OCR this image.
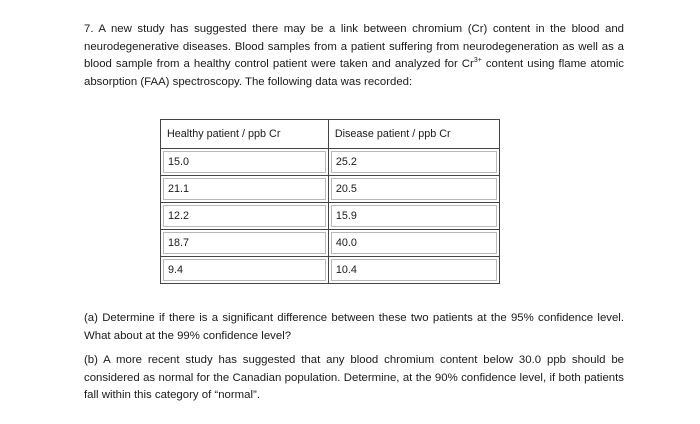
7. A new study has suggested there may be a link between chromium (Cr) content in the blood and neurodegenerative diseases. Blood samples from a patient suffering from neurodegeneration as well as a blood sample from a healthy control patient were taken and analyzed for $Cr^{3+}$ content using flame atomic absorption (FAA) spectroscopy. The following data was recorded:

Healthy patient / ppb Cr	Disease patient / ppb Cr

15.0	25.2

21.1	20.5

12.2	15.9

18.7	40.0

9.4	10.4

(a) Determine if there is a significant difference between these two patients at the 95% confidence level. What about at the 99% confidence level?

(b) A more recent study has suggested that any blood chromium content below 30.0 ppb should be considered as normal for the Canadian population. Determine, at the 90% confidence level, if both patients fall within this category of “normal”.
